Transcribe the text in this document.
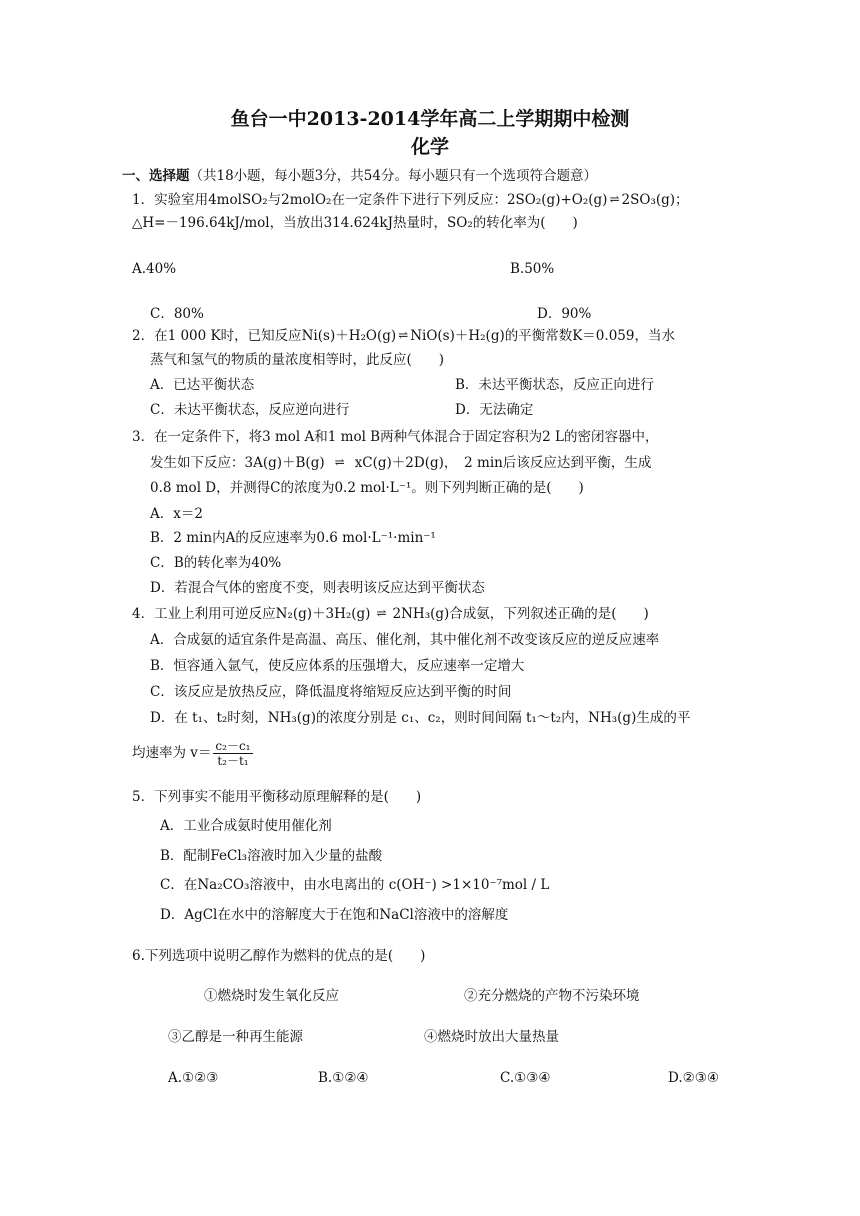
鱼台一中2013-2014学年高二上学期期中检测
化学
一、选择题（共18小题，每小题3分，共54分。每小题只有一个选项符合题意）
1．实验室用4molSO₂与2molO₂在一定条件下进行下列反应：2SO₂(g)+O₂(g) ⇌ 2SO₃(g)；
△H=－196.64kJ/mol，当放出314.624kJ热量时，SO₂的转化率为(　　)
A.40%	B.50%
C．80%	D．90%
2．在1 000 K时，已知反应Ni(s)＋H₂O(g) ⇌ NiO(s)＋H₂(g)的平衡常数K＝0.059，当水
蒸气和氢气的物质的量浓度相等时，此反应(　　)
A．已达平衡状态	B．未达平衡状态，反应正向进行
C．未达平衡状态，反应逆向进行	D．无法确定
3．在一定条件下，将3 mol A和1 mol B两种气体混合于固定容积为2 L的密闭容器中，
发生如下反应：3A(g)＋B(g) ⇌ xC(g)＋2D(g)，　2 min后该反应达到平衡，生成
0.8 mol D，并测得C的浓度为0.2 mol·L⁻¹。则下列判断正确的是(　　)
A．x＝2
B．2 min内A的反应速率为0.6 mol·L⁻¹·min⁻¹
C．B的转化率为40%
D．若混合气体的密度不变，则表明该反应达到平衡状态
4．工业上利用可逆反应N₂(g)＋3H₂(g) ⇌ 2NH₃(g)合成氨，下列叙述正确的是(　　)
A．合成氨的适宜条件是高温、高压、催化剂，其中催化剂不改变该反应的逆反应速率
B．恒容通入氩气，使反应体系的压强增大，反应速率一定增大
C．该反应是放热反应，降低温度将缩短反应达到平衡的时间
D．在 t₁、t₂时刻，NH₃(g)的浓度分别是 c₁、c₂，则时间间隔 t₁～t₂内，NH₃(g)生成的平
均速率为 $v= \frac{\text{c₂－c₁}}{\text{t₂－t₁}}$
5．下列事实不能用平衡移动原理解释的是(　　)
A．工业合成氨时使用催化剂
B．配制FeCl₃溶液时加入少量的盐酸
C．在Na₂CO₃溶液中，由水电离出的 c(OH⁻) >1×10⁻⁷mol / L
D．AgCl在水中的溶解度大于在饱和NaCl溶液中的溶解度
6.下列选项中说明乙醇作为燃料的优点的是(　　)
①燃烧时发生氧化反应	②充分燃烧的产物不污染环境
③乙醇是一种再生能源	④燃烧时放出大量热量
A.①②③	B.①②④	C.①③④	D.②③④
